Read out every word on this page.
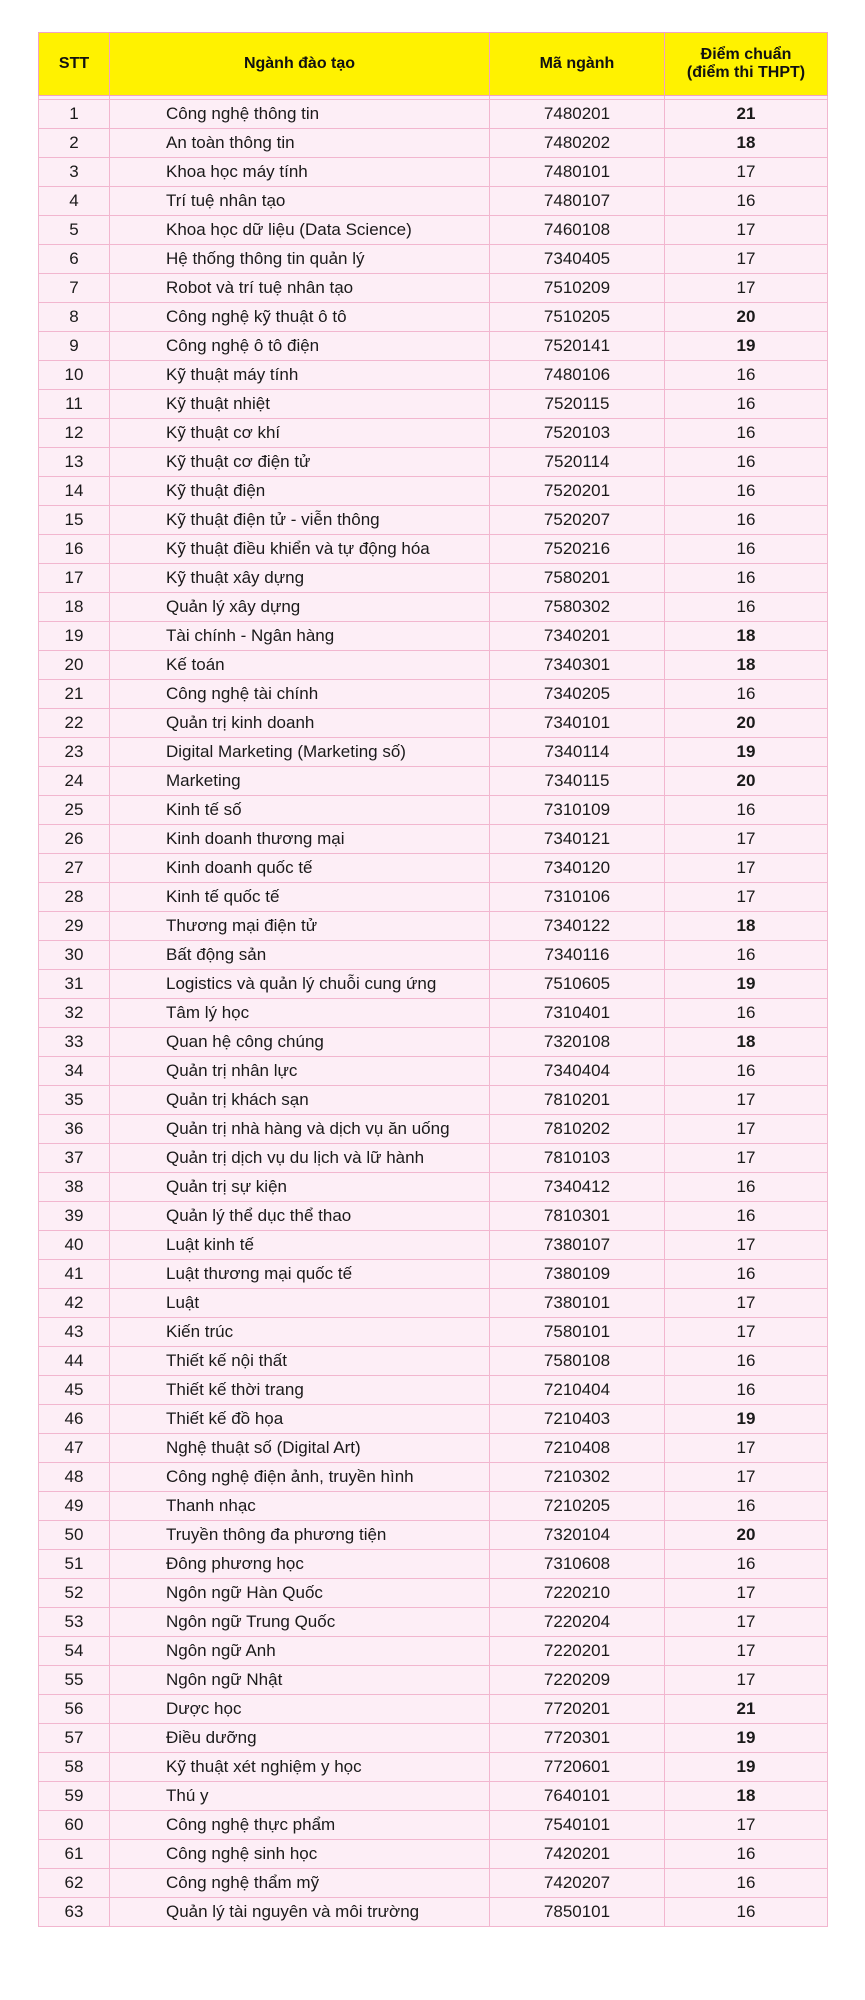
STT	Ngành đào tạo	Mã ngành	Điểm chuẩn
(điểm thi THPT)

1	Công nghệ thông tin	7480201	21
2	An toàn thông tin	7480202	18
3	Khoa học máy tính	7480101	17
4	Trí tuệ nhân tạo	7480107	16
5	Khoa học dữ liệu (Data Science)	7460108	17
6	Hệ thống thông tin quản lý	7340405	17
7	Robot và trí tuệ nhân tạo	7510209	17
8	Công nghệ kỹ thuật ô tô	7510205	20
9	Công nghệ ô tô điện	7520141	19
10	Kỹ thuật máy tính	7480106	16
11	Kỹ thuật nhiệt	7520115	16
12	Kỹ thuật cơ khí	7520103	16
13	Kỹ thuật cơ điện tử	7520114	16
14	Kỹ thuật điện	7520201	16
15	Kỹ thuật điện tử - viễn thông	7520207	16
16	Kỹ thuật điều khiển và tự động hóa	7520216	16
17	Kỹ thuật xây dựng	7580201	16
18	Quản lý xây dựng	7580302	16
19	Tài chính - Ngân hàng	7340201	18
20	Kế toán	7340301	18
21	Công nghệ tài chính	7340205	16
22	Quản trị kinh doanh	7340101	20
23	Digital Marketing (Marketing số)	7340114	19
24	Marketing	7340115	20
25	Kinh tế số	7310109	16
26	Kinh doanh thương mại	7340121	17
27	Kinh doanh quốc tế	7340120	17
28	Kinh tế quốc tế	7310106	17
29	Thương mại điện tử	7340122	18
30	Bất động sản	7340116	16
31	Logistics và quản lý chuỗi cung ứng	7510605	19
32	Tâm lý học	7310401	16
33	Quan hệ công chúng	7320108	18
34	Quản trị nhân lực	7340404	16
35	Quản trị khách sạn	7810201	17
36	Quản trị nhà hàng và dịch vụ ăn uống	7810202	17
37	Quản trị dịch vụ du lịch và lữ hành	7810103	17
38	Quản trị sự kiện	7340412	16
39	Quản lý thể dục thể thao	7810301	16
40	Luật kinh tế	7380107	17
41	Luật thương mại quốc tế	7380109	16
42	Luật	7380101	17
43	Kiến trúc	7580101	17
44	Thiết kế nội thất	7580108	16
45	Thiết kế thời trang	7210404	16
46	Thiết kế đồ họa	7210403	19
47	Nghệ thuật số (Digital Art)	7210408	17
48	Công nghệ điện ảnh, truyền hình	7210302	17
49	Thanh nhạc	7210205	16
50	Truyền thông đa phương tiện	7320104	20
51	Đông phương học	7310608	16
52	Ngôn ngữ Hàn Quốc	7220210	17
53	Ngôn ngữ Trung Quốc	7220204	17
54	Ngôn ngữ Anh	7220201	17
55	Ngôn ngữ Nhật	7220209	17
56	Dược học	7720201	21
57	Điều dưỡng	7720301	19
58	Kỹ thuật xét nghiệm y học	7720601	19
59	Thú y	7640101	18
60	Công nghệ thực phẩm	7540101	17
61	Công nghệ sinh học	7420201	16
62	Công nghệ thẩm mỹ	7420207	16
63	Quản lý tài nguyên và môi trường	7850101	16
